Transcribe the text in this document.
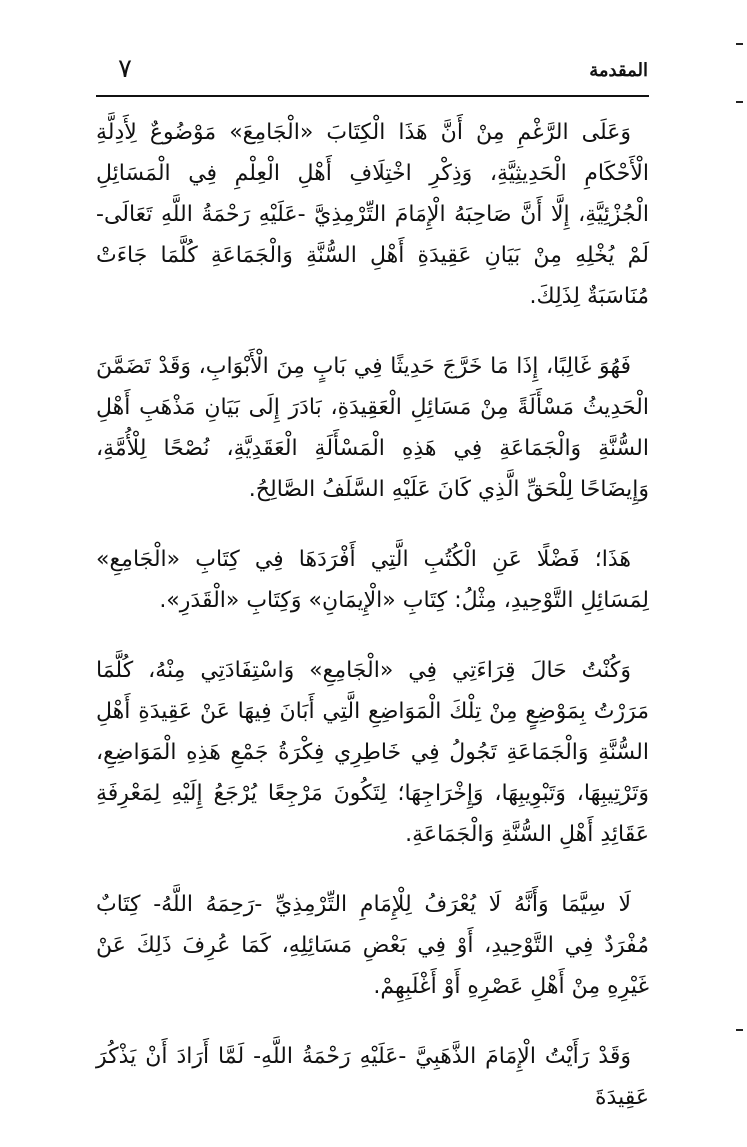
المقدمة
٧

وَعَلَى الرَّغْمِ مِنْ أَنَّ هَذَا الْكِتَابَ «الْجَامِعَ» مَوْضُوعٌ لِأَدِلَّةِ الْأَحْكَامِ الْحَدِيثِيَّةِ، وَذِكْرِ اخْتِلَافِ أَهْلِ الْعِلْمِ فِي الْمَسَائِلِ الْجُزْئِيَّةِ، إِلَّا أَنَّ صَاحِبَهُ الْإِمَامَ التِّرْمِذِيَّ -عَلَيْهِ رَحْمَةُ اللَّهِ تَعَالَى- لَمْ يُخْلِهِ مِنْ بَيَانِ عَقِيدَةِ أَهْلِ السُّنَّةِ وَالْجَمَاعَةِ كُلَّمَا جَاءَتْ مُنَاسَبَةٌ لِذَلِكَ.

فَهُوَ غَالِبًا، إِذَا مَا خَرَّجَ حَدِيثًا فِي بَابٍ مِنَ الْأَبْوَابِ، وَقَدْ تَضَمَّنَ الْحَدِيثُ مَسْأَلَةً مِنْ مَسَائِلِ الْعَقِيدَةِ، بَادَرَ إِلَى بَيَانِ مَذْهَبِ أَهْلِ السُّنَّةِ وَالْجَمَاعَةِ فِي هَذِهِ الْمَسْأَلَةِ الْعَقَدِيَّةِ، نُصْحًا لِلْأُمَّةِ، وَإِيضَاحًا لِلْحَقِّ الَّذِي كَانَ عَلَيْهِ السَّلَفُ الصَّالِحُ.

هَذَا؛ فَضْلًا عَنِ الْكُتُبِ الَّتِي أَفْرَدَهَا فِي كِتَابِ «الْجَامِعِ» لِمَسَائِلِ التَّوْحِيدِ، مِثْلُ: كِتَابِ «الْإِيمَانِ» وَكِتَابِ «الْقَدَرِ».

وَكُنْتُ حَالَ قِرَاءَتِي فِي «الْجَامِعِ» وَاسْتِفَادَتِي مِنْهُ، كُلَّمَا مَرَرْتُ بِمَوْضِعٍ مِنْ تِلْكَ الْمَوَاضِعِ الَّتِي أَبَانَ فِيهَا عَنْ عَقِيدَةِ أَهْلِ السُّنَّةِ وَالْجَمَاعَةِ تَجُولُ فِي خَاطِرِي فِكْرَةُ جَمْعِ هَذِهِ الْمَوَاضِعِ، وَتَرْتِيبِهَا، وَتَبْوِيبِهَا، وَإِخْرَاجِهَا؛ لِتَكُونَ مَرْجِعًا يُرْجَعُ إِلَيْهِ لِمَعْرِفَةِ عَقَائِدِ أَهْلِ السُّنَّةِ وَالْجَمَاعَةِ.

لَا سِيَّمَا وَأَنَّهُ لَا يُعْرَفُ لِلْإِمَامِ التِّرْمِذِيِّ -رَحِمَهُ اللَّهُ- كِتَابٌ مُفْرَدٌ فِي التَّوْحِيدِ، أَوْ فِي بَعْضِ مَسَائِلِهِ، كَمَا عُرِفَ ذَلِكَ عَنْ غَيْرِهِ مِنْ أَهْلِ عَصْرِهِ أَوْ أَغْلَبِهِمْ.

وَقَدْ رَأَيْتُ الْإِمَامَ الذَّهَبِيَّ -عَلَيْهِ رَحْمَةُ اللَّهِ- لَمَّا أَرَادَ أَنْ يَذْكُرَ عَقِيدَةَ
